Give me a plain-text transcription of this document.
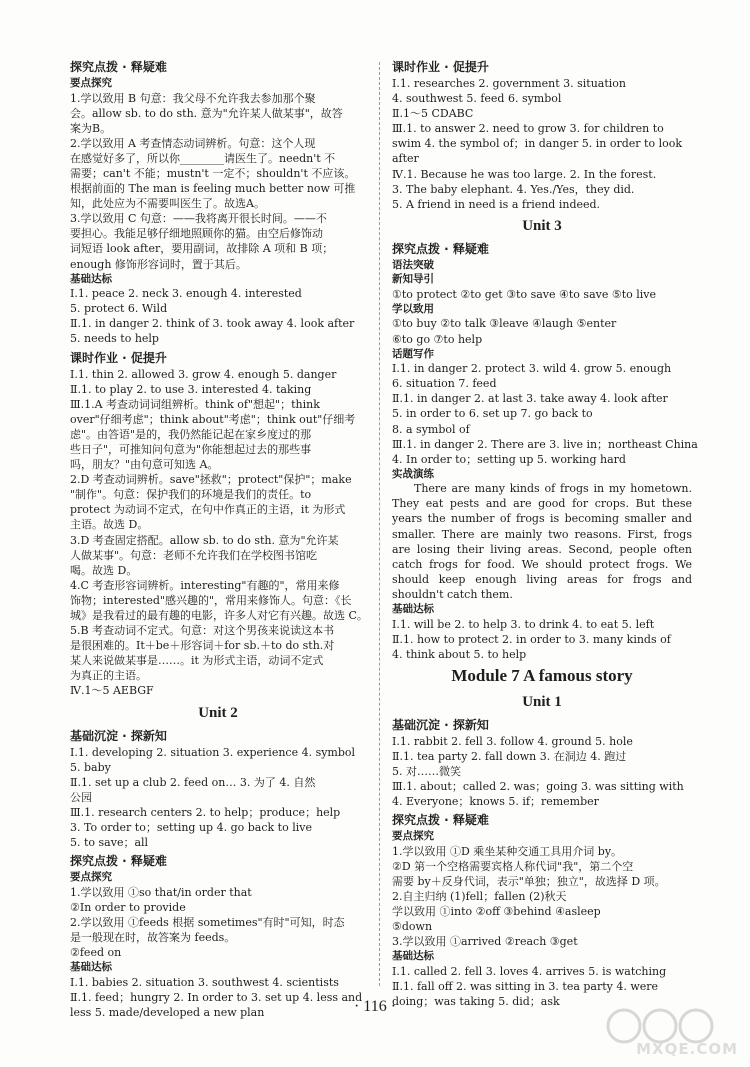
探究点拨 · 释疑难
要点探究
1.学以致用 B 句意：我父母不允许我去参加那个聚
会。allow sb. to do sth. 意为"允许某人做某事"，故答
案为B。
2.学以致用 A 考查情态动词辨析。句意：这个人现
在感觉好多了，所以你________请医生了。needn't 不
需要；can't 不能；mustn't 一定不；shouldn't 不应该。
根据前面的 The man is feeling much better now 可推
知，此处应为不需要叫医生了。故选A。
3.学以致用 C 句意：——我将离开很长时间。——不
要担心。我能足够仔细地照顾你的猫。由空后修饰动
词短语 look after，要用副词，故排除 A 项和 B 项；
enough 修饰形容词时，置于其后。
基础达标
Ⅰ.1. peace 2. neck 3. enough 4. interested
5. protect 6. Wild
Ⅱ.1. in danger 2. think of 3. took away 4. look after
5. needs to help
课时作业 · 促提升
Ⅰ.1. thin 2. allowed 3. grow 4. enough 5. danger
Ⅱ.1. to play 2. to use 3. interested 4. taking
Ⅲ.1.A 考查动词词组辨析。think of"想起"；think
over"仔细考虑"；think about"考虑"；think out"仔细考
虑"。由答语"是的，我仍然能记起在家乡度过的那
些日子"，可推知问句意为"你能想起过去的那些事
吗，朋友？"由句意可知选 A。
2.D 考查动词辨析。save"拯救"；protect"保护"；make
"制作"。句意：保护我们的环境是我们的责任。to
protect 为动词不定式，在句中作真正的主语，it 为形式
主语。故选 D。
3.D 考查固定搭配。allow sb. to do sth. 意为"允许某
人做某事"。句意：老师不允许我们在学校图书馆吃
喝。故选 D。
4.C 考查形容词辨析。interesting"有趣的"，常用来修
饰物；interested"感兴趣的"，常用来修饰人。句意：《长
城》是我看过的最有趣的电影，许多人对它有兴趣。故选 C。
5.B 考查动词不定式。句意：对这个男孩来说读这本书
是很困难的。It＋be＋形容词＋for sb.＋to do sth.对
某人来说做某事是……。it 为形式主语，动词不定式
为真正的主语。
Ⅳ.1～5 AEBGF
Unit 2
基础沉淀 · 探新知
Ⅰ.1. developing 2. situation 3. experience 4. symbol
5. baby
Ⅱ.1. set up a club 2. feed on… 3. 为了 4. 自然
公园
Ⅲ.1. research centers 2. to help；produce；help
3. To order to；setting up 4. go back to live
5. to save；all
探究点拨 · 释疑难
要点探究
1.学以致用 ①so that/in order that
②In order to provide
2.学以致用 ①feeds 根据 sometimes"有时"可知，时态
是一般现在时，故答案为 feeds。
②feed on
基础达标
Ⅰ.1. babies 2. situation 3. southwest 4. scientists
Ⅱ.1. feed；hungry 2. In order to 3. set up 4. less and
less 5. made/developed a new plan
课时作业 · 促提升
Ⅰ.1. researches 2. government 3. situation
4. southwest 5. feed 6. symbol
Ⅱ.1～5 CDABC
Ⅲ.1. to answer 2. need to grow 3. for children to
swim 4. the symbol of；in danger 5. in order to look
after
Ⅳ.1. Because he was too large. 2. In the forest.
3. The baby elephant. 4. Yes./Yes，they did.
5. A friend in need is a friend indeed.
Unit 3
探究点拨 · 释疑难
语法突破
新知导引
①to protect ②to get ③to save ④to save ⑤to live
学以致用
①to buy ②to talk ③leave ④laugh ⑤enter
⑥to go ⑦to help
话题写作
Ⅰ.1. in danger 2. protect 3. wild 4. grow 5. enough
6. situation 7. feed
Ⅱ.1. in danger 2. at last 3. take away 4. look after
5. in order to 6. set up 7. go back to
8. a symbol of
Ⅲ.1. in danger 2. There are 3. live in；northeast China
4. In order to；setting up 5. working hard
实战演练
There are many kinds of frogs in my hometown. They eat pests and are good for crops. But these years the number of frogs is becoming smaller and smaller. There are mainly two reasons. First, frogs are losing their living areas. Second, people often catch frogs for food. We should protect frogs. We should keep enough living areas for frogs and shouldn't catch them.
基础达标
Ⅰ.1. will be 2. to help 3. to drink 4. to eat 5. left
Ⅱ.1. how to protect 2. in order to 3. many kinds of
4. think about 5. to help
Module 7 A famous story
Unit 1
基础沉淀 · 探新知
Ⅰ.1. rabbit 2. fell 3. follow 4. ground 5. hole
Ⅱ.1. tea party 2. fall down 3. 在洞边 4. 跑过
5. 对……微笑
Ⅲ.1. about；called 2. was；going 3. was sitting with
4. Everyone；knows 5. if；remember
探究点拨 · 释疑难
要点探究
1.学以致用 ①D 乘坐某种交通工具用介词 by。
②D 第一个空格需要宾格人称代词"我"，第二个空
需要 by＋反身代词，表示"单独；独立"，故选择 D 项。
2.自主归纳 (1)fell；fallen (2)秋天
学以致用 ①into ②off ③behind ④asleep
⑤down
3.学以致用 ①arrived ②reach ③get
基础达标
Ⅰ.1. called 2. fell 3. loves 4. arrives 5. is watching
Ⅱ.1. fall off 2. was sitting in 3. tea party 4. were
doing；was taking 5. did；ask
· 116 ·
MXQE.COM
